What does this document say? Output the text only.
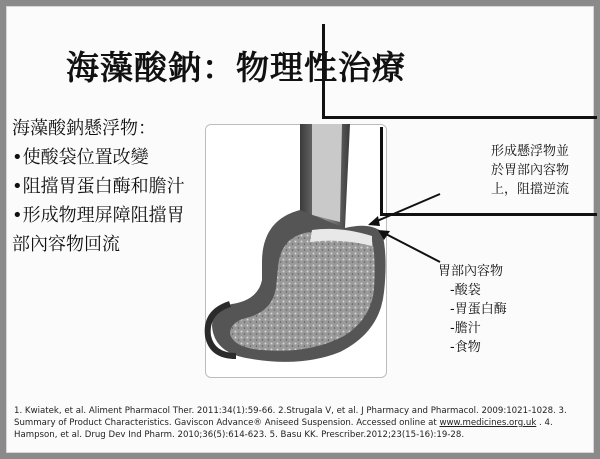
海藻酸鈉：物理性治療
海藻酸鈉懸浮物：
•使酸袋位置改變
•阻擋胃蛋白酶和膽汁
•形成物理屏障阻擋胃
部內容物回流
形成懸浮物並
於胃部內容物
上，阻擋逆流
胃部內容物
-酸袋
-胃蛋白酶
-膽汁
-食物
1. Kwiatek, et al. Aliment Pharmacol Ther. 2011:34(1):59-66. 2.Strugala V, et al. J Pharmacy and Pharmacol. 2009:1021-1028. 3.
Summary of Product Characteristics. Gaviscon Advance® Aniseed Suspension. Accessed online at www.medicines.org.uk . 4.
Hampson, et al. Drug Dev Ind Pharm. 2010;36(5):614-623. 5. Basu KK. Prescriber.2012;23(15-16):19-28.
